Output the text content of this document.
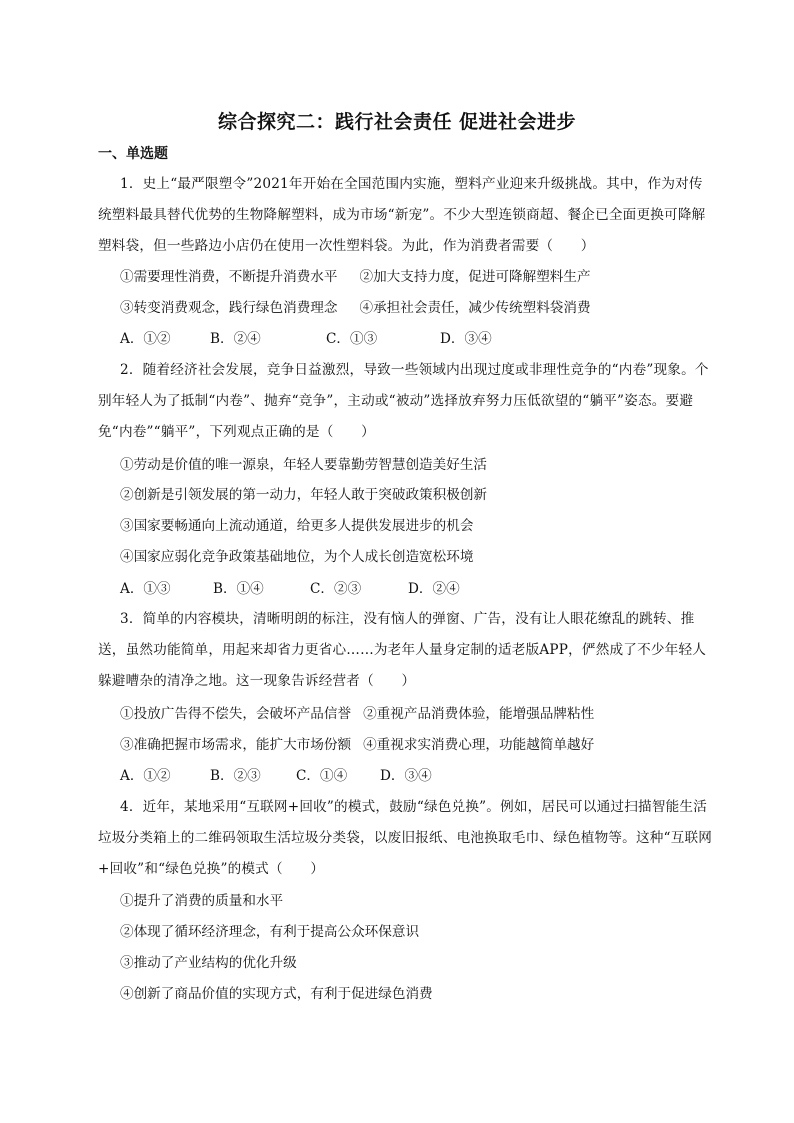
综合探究二：践行社会责任 促进社会进步
一、单选题
1．史上“最严限塑令”2021年开始在全国范围内实施，塑料产业迎来升级挑战。其中，作为对传统塑料最具替代优势的生物降解塑料，成为市场“新宠”。不少大型连锁商超、餐企已全面更换可降解塑料袋，但一些路边小店仍在使用一次性塑料袋。为此，作为消费者需要（　　）
①需要理性消费，不断提升消费水平 ②加大支持力度，促进可降解塑料生产
③转变消费观念，践行绿色消费理念 ④承担社会责任，减少传统塑料袋消费
A．①②	B．②④	C．①③	D．③④
2．随着经济社会发展，竞争日益激烈，导致一些领域内出现过度或非理性竞争的“内卷”现象。个别年轻人为了抵制“内卷”、抛弃“竞争”，主动或“被动”选择放弃努力压低欲望的“躺平”姿态。要避免“内卷”“躺平”，下列观点正确的是（　　）
①劳动是价值的唯一源泉，年轻人要靠勤劳智慧创造美好生活
②创新是引领发展的第一动力，年轻人敢于突破政策积极创新
③国家要畅通向上流动通道，给更多人提供发展进步的机会
④国家应弱化竞争政策基础地位，为个人成长创造宽松环境
A．①③	B．①④	C．②③	D．②④
3．简单的内容模块，清晰明朗的标注，没有恼人的弹窗、广告，没有让人眼花缭乱的跳转、推送，虽然功能简单，用起来却省力更省心……为老年人量身定制的适老版APP，俨然成了不少年轻人躲避嘈杂的清净之地。这一现象告诉经营者（　　）
①投放广告得不偿失，会破坏产品信誉 ②重视产品消费体验，能增强品牌粘性
③准确把握市场需求，能扩大市场份额 ④重视求实消费心理，功能越简单越好
A．①②	B．②③	C．①④ D．③④
4．近年，某地采用“互联网+回收”的模式，鼓励“绿色兑换”。例如，居民可以通过扫描智能生活垃圾分类箱上的二维码领取生活垃圾分类袋，以废旧报纸、电池换取毛巾、绿色植物等。这种“互联网+回收”和“绿色兑换”的模式（　　）
①提升了消费的质量和水平
②体现了循环经济理念，有利于提高公众环保意识
③推动了产业结构的优化升级
④创新了商品价值的实现方式，有利于促进绿色消费
